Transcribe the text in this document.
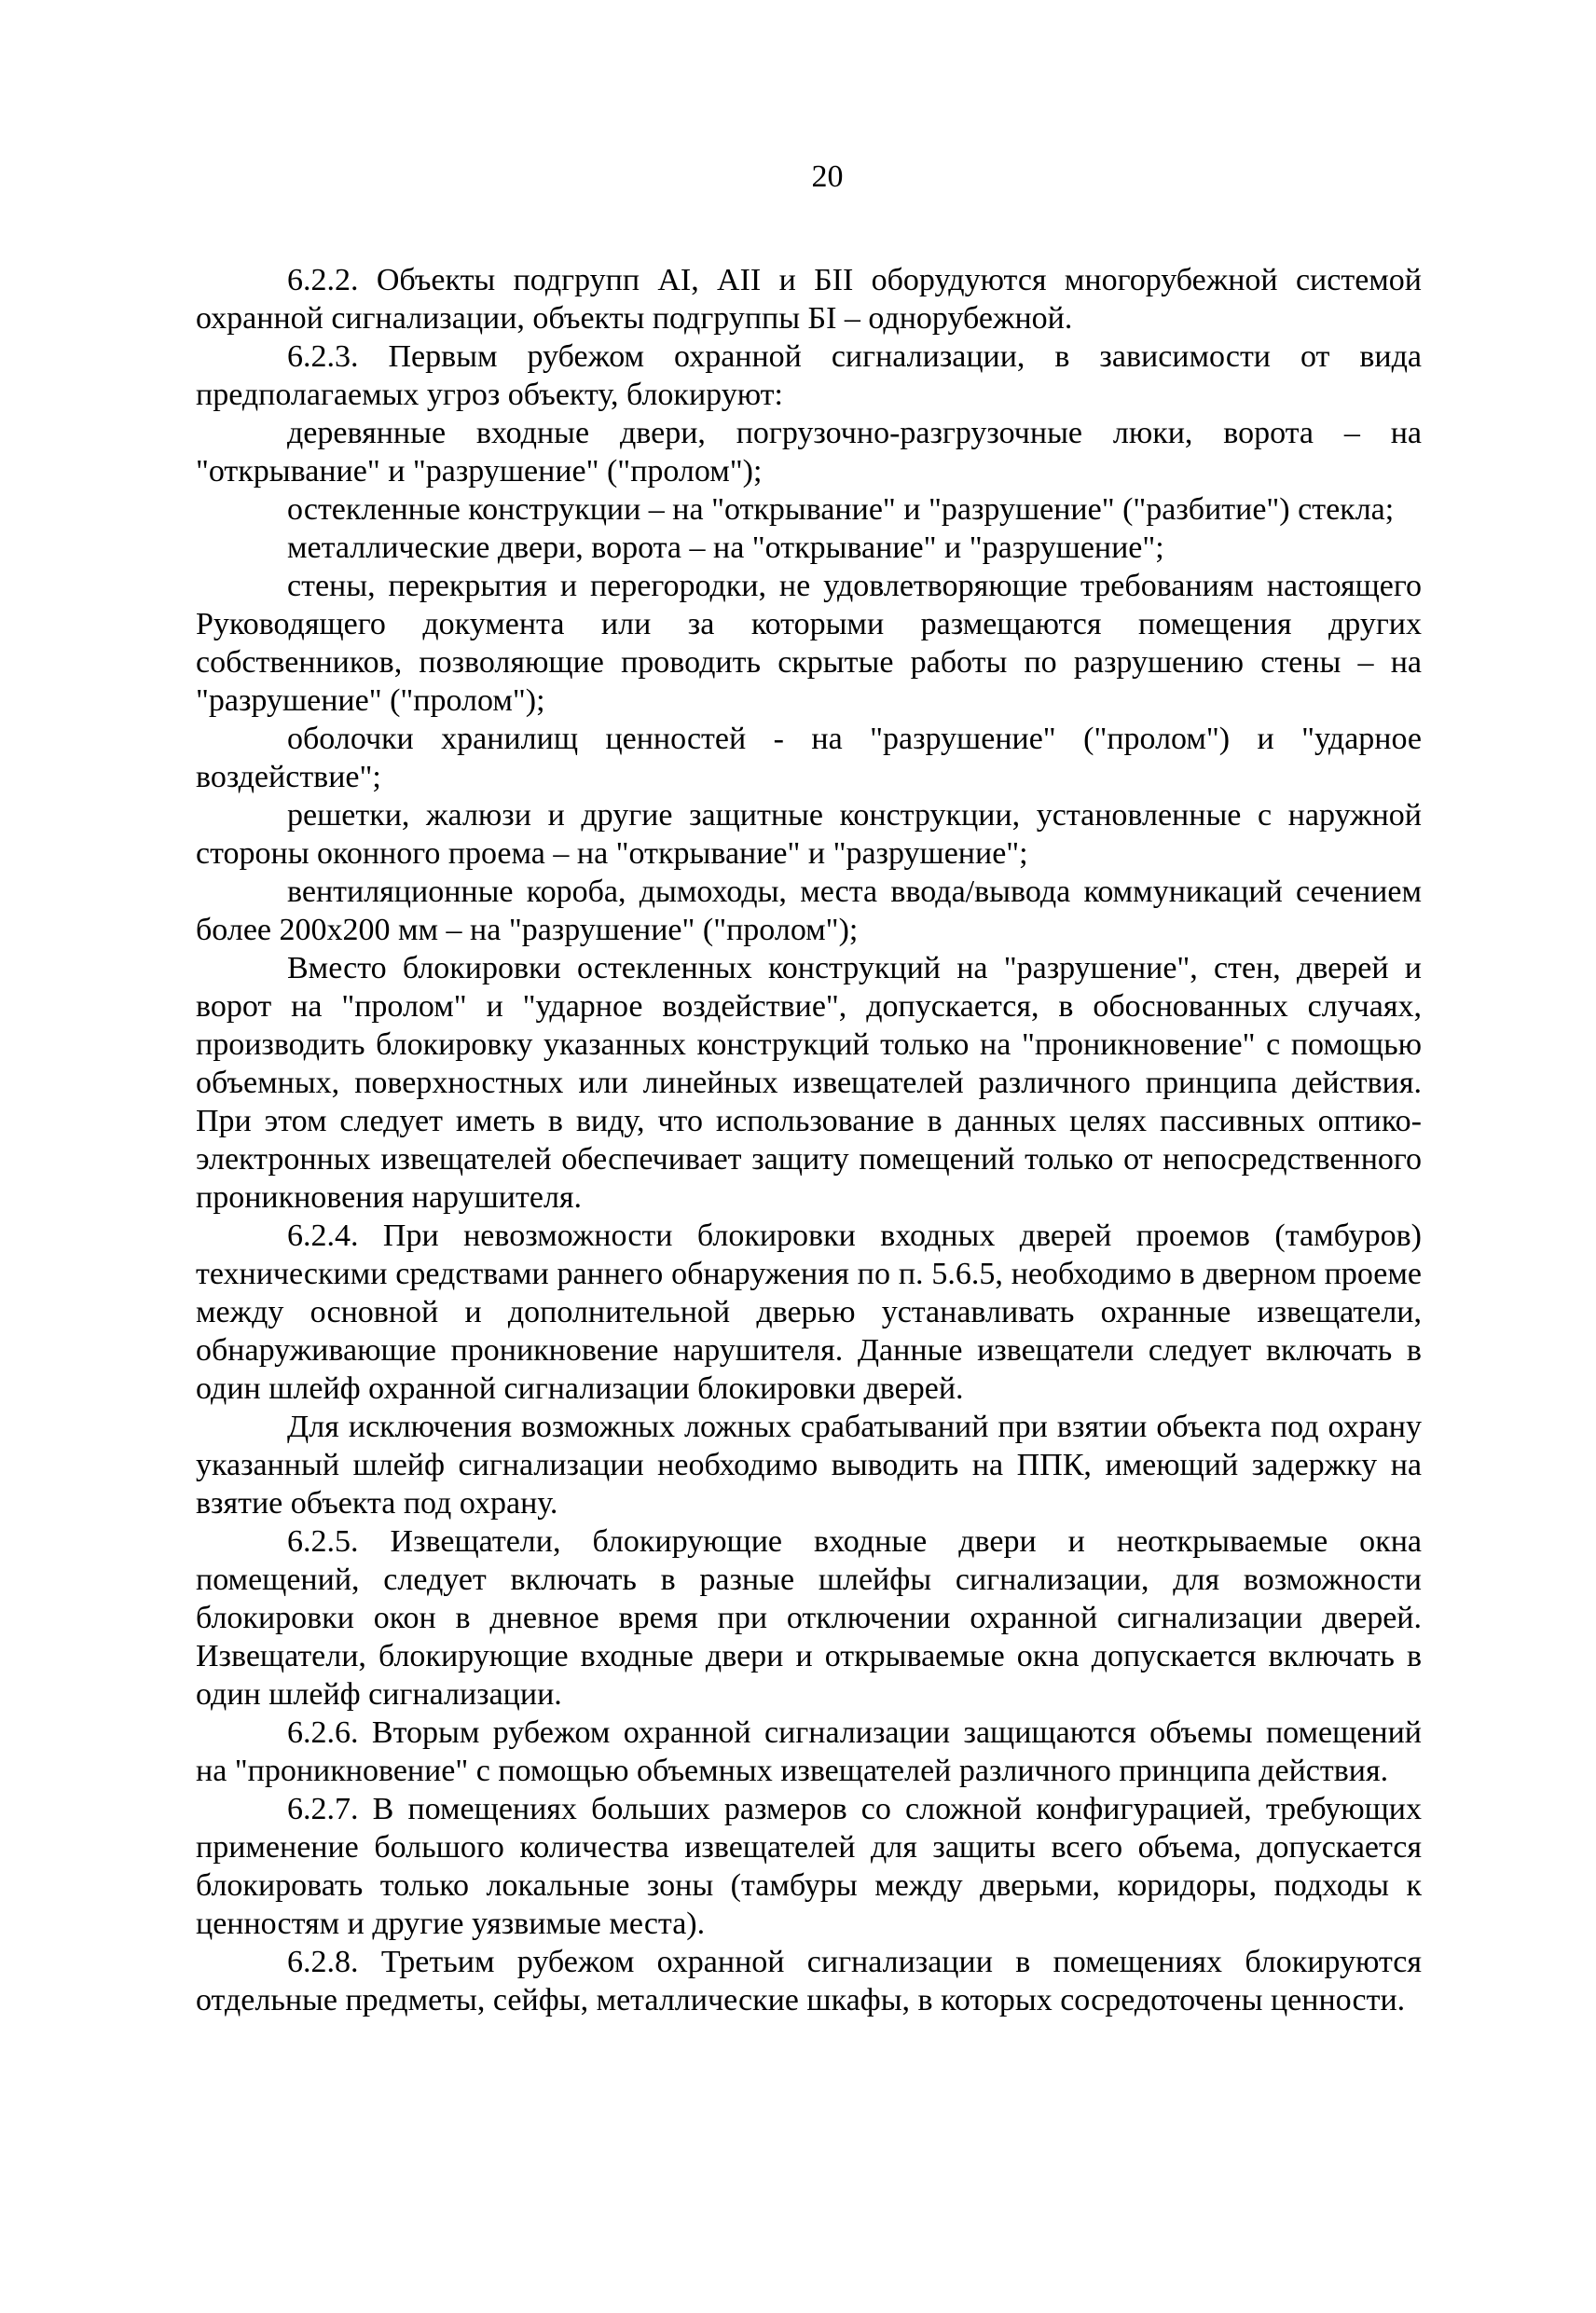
20

6.2.2. Объекты подгрупп АI, АII и БII оборудуются многорубежной системой охранной сигнализации, объекты подгруппы БI – однорубежной.

6.2.3. Первым рубежом охранной сигнализации, в зависимости от вида предполагаемых угроз объекту, блокируют:

деревянные входные двери, погрузочно-разгрузочные люки, ворота – на "открывание" и "разрушение" ("пролом");

остекленные конструкции – на "открывание" и "разрушение" ("разбитие") стекла;

металлические двери, ворота – на "открывание" и "разрушение";

стены, перекрытия и перегородки, не удовлетворяющие требованиям настоящего Руководящего документа или за которыми размещаются помещения других собственников, позволяющие проводить скрытые работы по разрушению стены – на "разрушение" ("пролом");

оболочки хранилищ ценностей - на "разрушение" ("пролом") и "ударное воздействие";

решетки, жалюзи и другие защитные конструкции, установленные с наружной стороны оконного проема – на "открывание" и "разрушение";

вентиляционные короба, дымоходы, места ввода/вывода коммуникаций сечением более 200х200 мм – на "разрушение" ("пролом");

Вместо блокировки остекленных конструкций на "разрушение", стен, дверей и ворот на "пролом" и "ударное воздействие", допускается, в обоснованных случаях, производить блокировку указанных конструкций только на "проникновение" с помощью объемных, поверхностных или линейных извещателей различного принципа действия. При этом следует иметь в виду, что использование в данных целях пассивных оптико-электронных извещателей обеспечивает защиту помещений только от непосредственного проникновения нарушителя.

6.2.4. При невозможности блокировки входных дверей проемов (тамбуров) техническими средствами раннего обнаружения по п. 5.6.5, необходимо в дверном проеме между основной и дополнительной дверью устанавливать охранные извещатели, обнаруживающие проникновение нарушителя. Данные извещатели следует включать в один шлейф охранной сигнализации блокировки дверей.

Для исключения возможных ложных срабатываний при взятии объекта под охрану указанный шлейф сигнализации необходимо выводить на ППК, имеющий задержку на взятие объекта под охрану.

6.2.5. Извещатели, блокирующие входные двери и неоткрываемые окна помещений, следует включать в разные шлейфы сигнализации, для возможности блокировки окон в дневное время при отключении охранной сигнализации дверей. Извещатели, блокирующие входные двери и открываемые окна допускается включать в один шлейф сигнализации.

6.2.6. Вторым рубежом охранной сигнализации защищаются объемы помещений на "проникновение" с помощью объемных извещателей различного принципа действия.

6.2.7. В помещениях больших размеров со сложной конфигурацией, требующих применение большого количества извещателей для защиты всего объема, допускается блокировать только локальные зоны (тамбуры между дверьми, коридоры, подходы к ценностям и другие уязвимые места).

6.2.8. Третьим рубежом охранной сигнализации в помещениях блокируются отдельные предметы, сейфы, металлические шкафы, в которых сосредоточены ценности.
